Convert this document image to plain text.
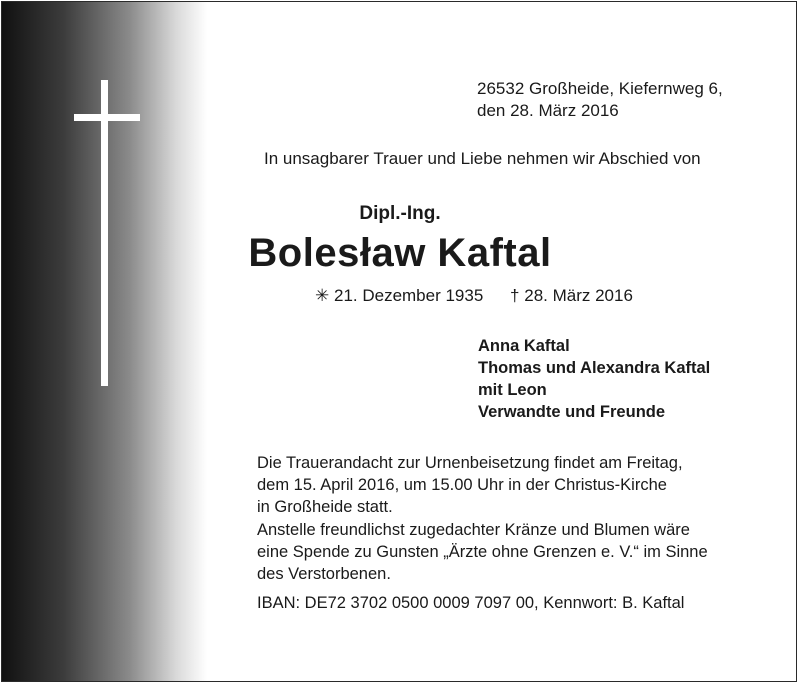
26532 Großheide, Kiefernweg 6,
den 28. März 2016
In unsagbarer Trauer und Liebe nehmen wir Abschied von
Dipl.-Ing.
Bolesław Kaftal
✳ 21. Dezember 1935 † 28. März 2016
Anna Kaftal
Thomas und Alexandra Kaftal
mit Leon
Verwandte und Freunde
Die Trauerandacht zur Urnenbeisetzung findet am Freitag,
dem 15. April 2016, um 15.00 Uhr in der Christus-Kirche
in Großheide statt.
Anstelle freundlichst zugedachter Kränze und Blumen wäre
eine Spende zu Gunsten „Ärzte ohne Grenzen e. V.“ im Sinne
des Verstorbenen.
IBAN: DE72 3702 0500 0009 7097 00, Kennwort: B. Kaftal
